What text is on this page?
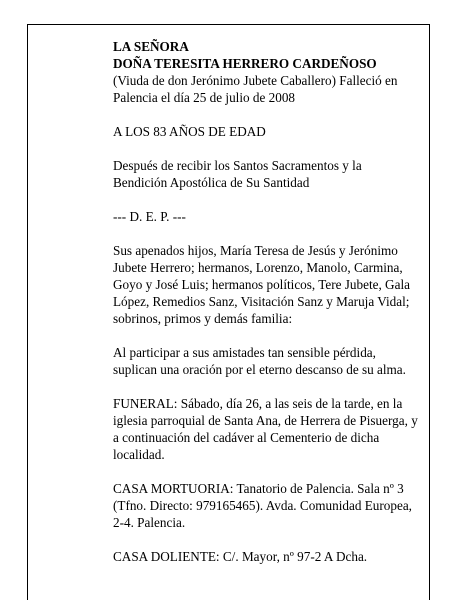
LA SEÑORA

DOÑA TERESITA HERRERO CARDEÑOSO

(Viuda de don Jerónimo Jubete Caballero) Falleció en Palencia el día 25 de julio de 2008

A LOS 83 AÑOS DE EDAD

Después de recibir los Santos Sacramentos y la Bendición Apostólica de Su Santidad

--- D. E. P. ---

Sus apenados hijos, María Teresa de Jesús y Jerónimo Jubete Herrero; hermanos, Lorenzo, Manolo, Carmina, Goyo y José Luis; hermanos políticos, Tere Jubete, Gala López, Remedios Sanz, Visitación Sanz y Maruja Vidal; sobrinos, primos y demás familia:

Al participar a sus amistades tan sensible pérdida, suplican una oración por el eterno descanso de su alma.

FUNERAL: Sábado, día 26, a las seis de la tarde, en la iglesia parroquial de Santa Ana, de Herrera de Pisuerga, y a continuación del cadáver al Cementerio de dicha localidad.

CASA MORTUORIA: Tanatorio de Palencia. Sala nº 3 (Tfno. Directo: 979165465). Avda. Comunidad Europea, 2-4. Palencia.

CASA DOLIENTE: C/. Mayor, nº 97-2 A Dcha.
